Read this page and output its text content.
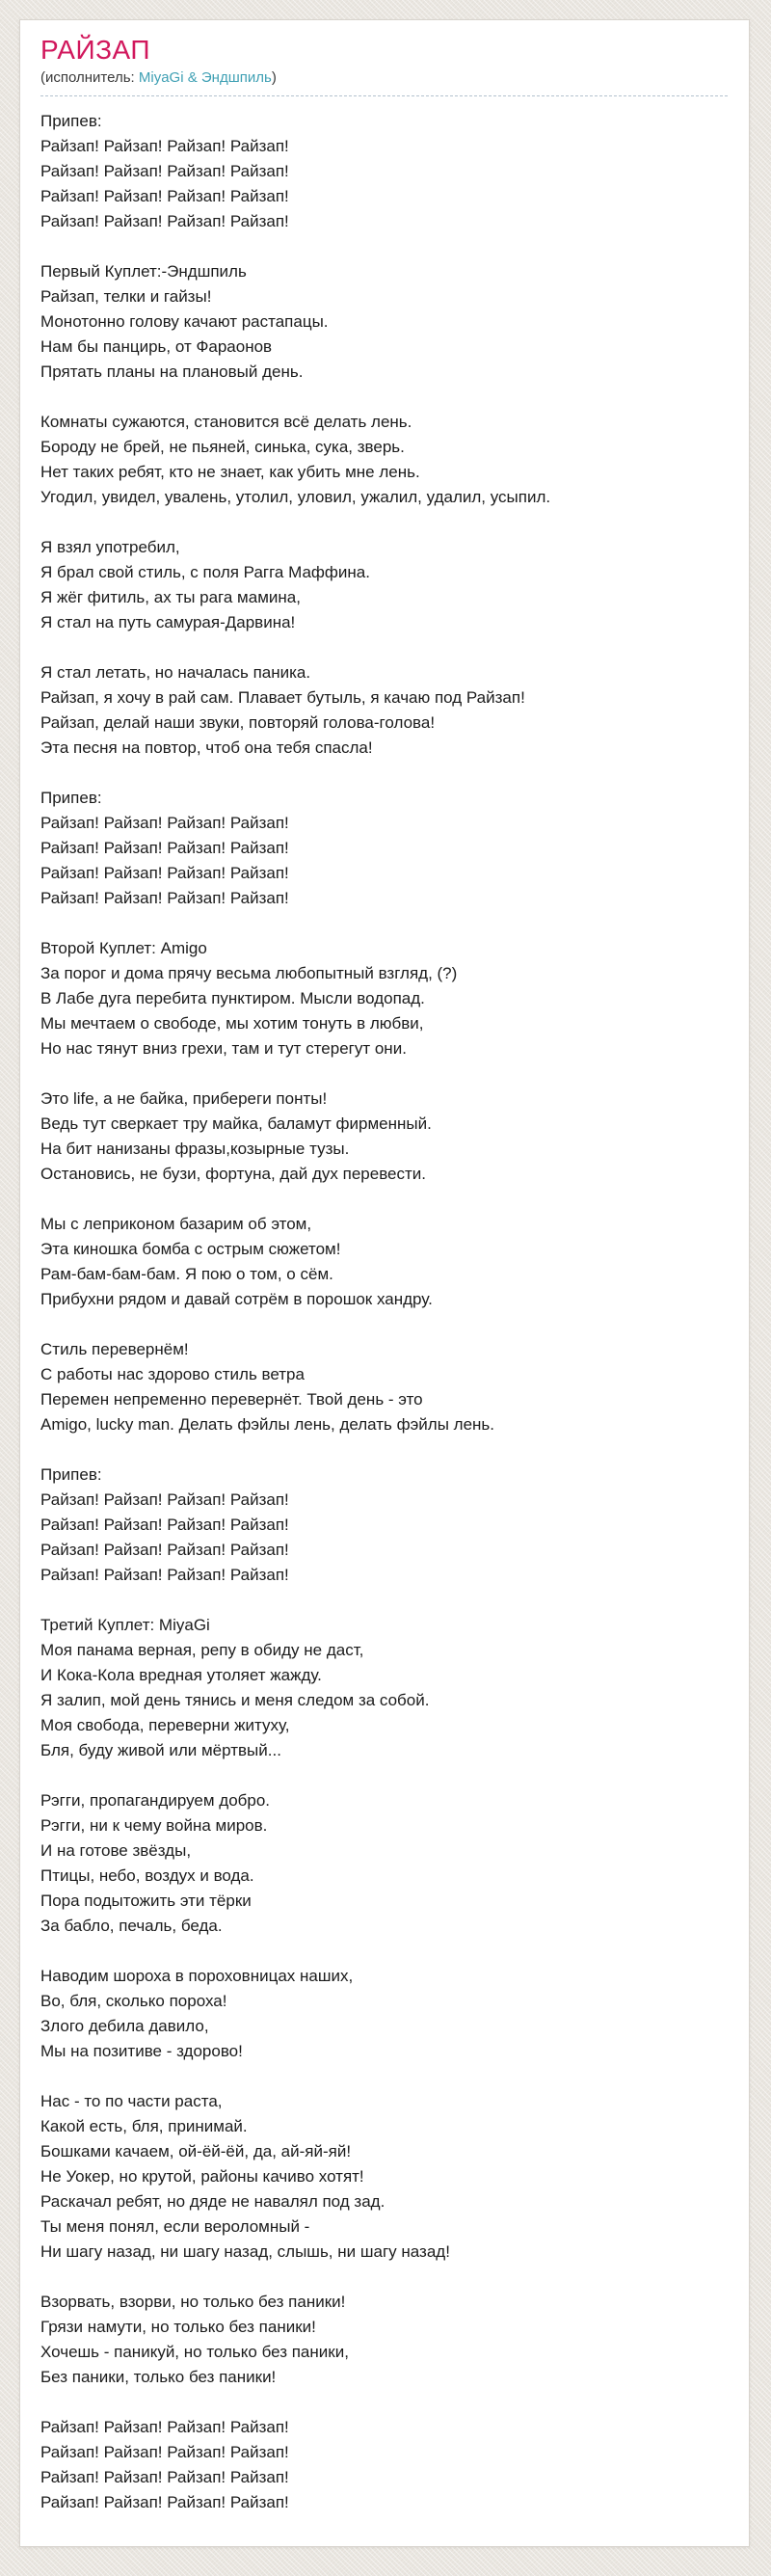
РАЙЗАП
(исполнитель: MiyaGi & Эндшпиль)
Припев:
Райзап! Райзап! Райзап! Райзап!
Райзап! Райзап! Райзап! Райзап!
Райзап! Райзап! Райзап! Райзап!
Райзап! Райзап! Райзап! Райзап!
Первый Куплет:-Эндшпиль
Райзап, телки и гайзы!
Монотонно голову качают растапацы.
Нам бы панцирь, от Фараонов
Прятать планы на плановый день.
Комнаты сужаются, становится всё делать лень.
Бороду не брей, не пьяней, синька, сука, зверь.
Нет таких ребят, кто не знает, как убить мне лень.
Угодил, увидел, увалень, утолил, уловил, ужалил, удалил, усыпил.
Я взял употребил,
Я брал свой стиль, с поля Рагга Маффина.
Я жёг фитиль, ах ты рага мамина,
Я стал на путь самурая-Дарвина!
Я стал летать, но началась паника.
Райзап, я хочу в рай сам. Плавает бутыль, я качаю под Райзап!
Райзап, делай наши звуки, повторяй голова-голова!
Эта песня на повтор, чтоб она тебя спасла!
Припев:
Райзап! Райзап! Райзап! Райзап!
Райзап! Райзап! Райзап! Райзап!
Райзап! Райзап! Райзап! Райзап!
Райзап! Райзап! Райзап! Райзап!
Второй Куплет: Amigo
За порог и дома прячу весьма любопытный взгляд, (?)
В Лабе дуга перебита пунктиром. Мысли водопад.
Мы мечтаем о свободе, мы хотим тонуть в любви,
Но нас тянут вниз грехи, там и тут стерегут они.
Это life, а не байка, прибереги понты!
Ведь тут сверкает тру майка, баламут фирменный.
На бит нанизаны фразы,козырные тузы.
Остановись, не бузи, фортуна, дай дух перевести.
Мы с леприконом базарим об этом,
Эта киношка бомба с острым сюжетом!
Рам-бам-бам-бам. Я пою о том, о сём.
Прибухни рядом и давай сотрём в порошок хандру.
Стиль перевернём!
С работы нас здорово стиль ветра
Перемен непременно перевернёт. Твой день - это
Amigo, lucky man. Делать фэйлы лень, делать фэйлы лень.
Припев:
Райзап! Райзап! Райзап! Райзап!
Райзап! Райзап! Райзап! Райзап!
Райзап! Райзап! Райзап! Райзап!
Райзап! Райзап! Райзап! Райзап!
Третий Куплет: MiyaGi
Моя панама верная, репу в обиду не даст,
И Кока-Кола вредная утоляет жажду.
Я залип, мой день тянись и меня следом за собой.
Моя свобода, переверни житуху,
Бля, буду живой или мёртвый...
Рэгги, пропагандируем добро.
Рэгги, ни к чему война миров.
И на готове звёзды,
Птицы, небо, воздух и вода.
Пора подытожить эти тёрки
За бабло, печаль, беда.
Наводим шороха в пороховницах наших,
Во, бля, сколько пороха!
Злого дебила давило,
Мы на позитиве - здорово!
Нас - то по части раста,
Какой есть, бля, принимай.
Бошками качаем, ой-ёй-ёй, да, ай-яй-яй!
Не Уокер, но крутой, районы качиво хотят!
Раскачал ребят, но дяде не навалял под зад.
Ты меня понял, если вероломный -
Ни шагу назад, ни шагу назад, слышь, ни шагу назад!
Взорвать, взорви, но только без паники!
Грязи намути, но только без паники!
Хочешь - паникуй, но только без паники,
Без паники, только без паники!
Райзап! Райзап! Райзап! Райзап!
Райзап! Райзап! Райзап! Райзап!
Райзап! Райзап! Райзап! Райзап!
Райзап! Райзап! Райзап! Райзап!
